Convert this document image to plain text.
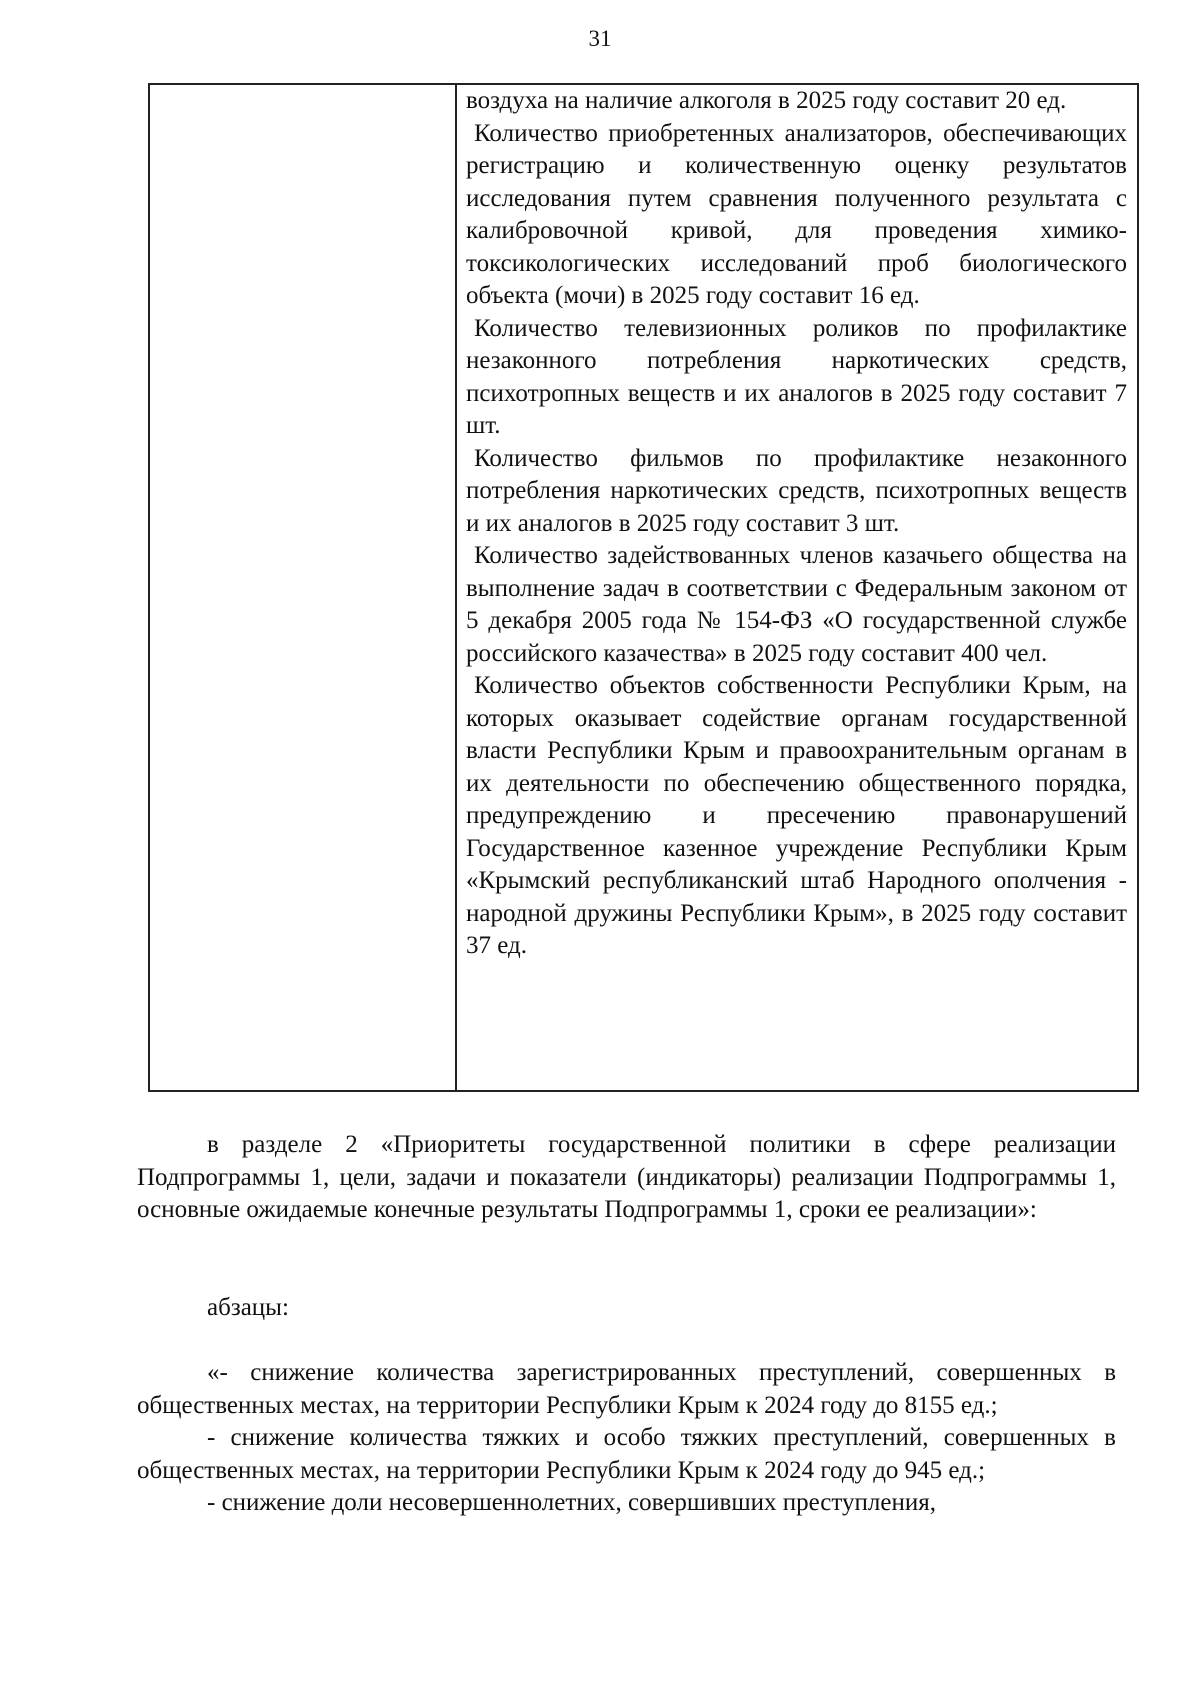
31

воздуха на наличие алкоголя в 2025 году составит 20 ед.

Количество приобретенных анализаторов, обеспечивающих регистрацию и количественную оценку результатов исследования путем сравнения полученного результата с калибровочной кривой, для проведения химико-токсикологических исследований проб биологического объекта (мочи) в 2025 году составит 16 ед.

Количество телевизионных роликов по профилактике незаконного потребления наркотических средств, психотропных веществ и их аналогов в 2025 году составит 7 шт.

Количество фильмов по профилактике незаконного потребления наркотических средств, психотропных веществ и их аналогов в 2025 году составит 3 шт.

Количество задействованных членов казачьего общества на выполнение задач в соответствии с Федеральным законом от 5 декабря 2005 года № 154-ФЗ «О государственной службе российского казачества» в 2025 году составит 400 чел.

Количество объектов собственности Республики Крым, на которых оказывает содействие органам государственной власти Республики Крым и правоохранительным органам в их деятельности по обеспечению общественного порядка, предупреждению и пресечению правонарушений Государственное казенное учреждение Республики Крым «Крымский республиканский штаб Народного ополчения - народной дружины Республики Крым», в 2025 году составит 37 ед.

в разделе 2 «Приоритеты государственной политики в сфере реализации Подпрограммы 1, цели, задачи и показатели (индикаторы) реализации Подпрограммы 1, основные ожидаемые конечные результаты Подпрограммы 1, сроки ее реализации»:

абзацы:

«- снижение количества зарегистрированных преступлений, совершенных в общественных местах, на территории Республики Крым к 2024 году до 8155 ед.;

- снижение количества тяжких и особо тяжких преступлений, совершенных в общественных местах, на территории Республики Крым к 2024 году до 945 ед.;

- снижение доли несовершеннолетних, совершивших преступления,
